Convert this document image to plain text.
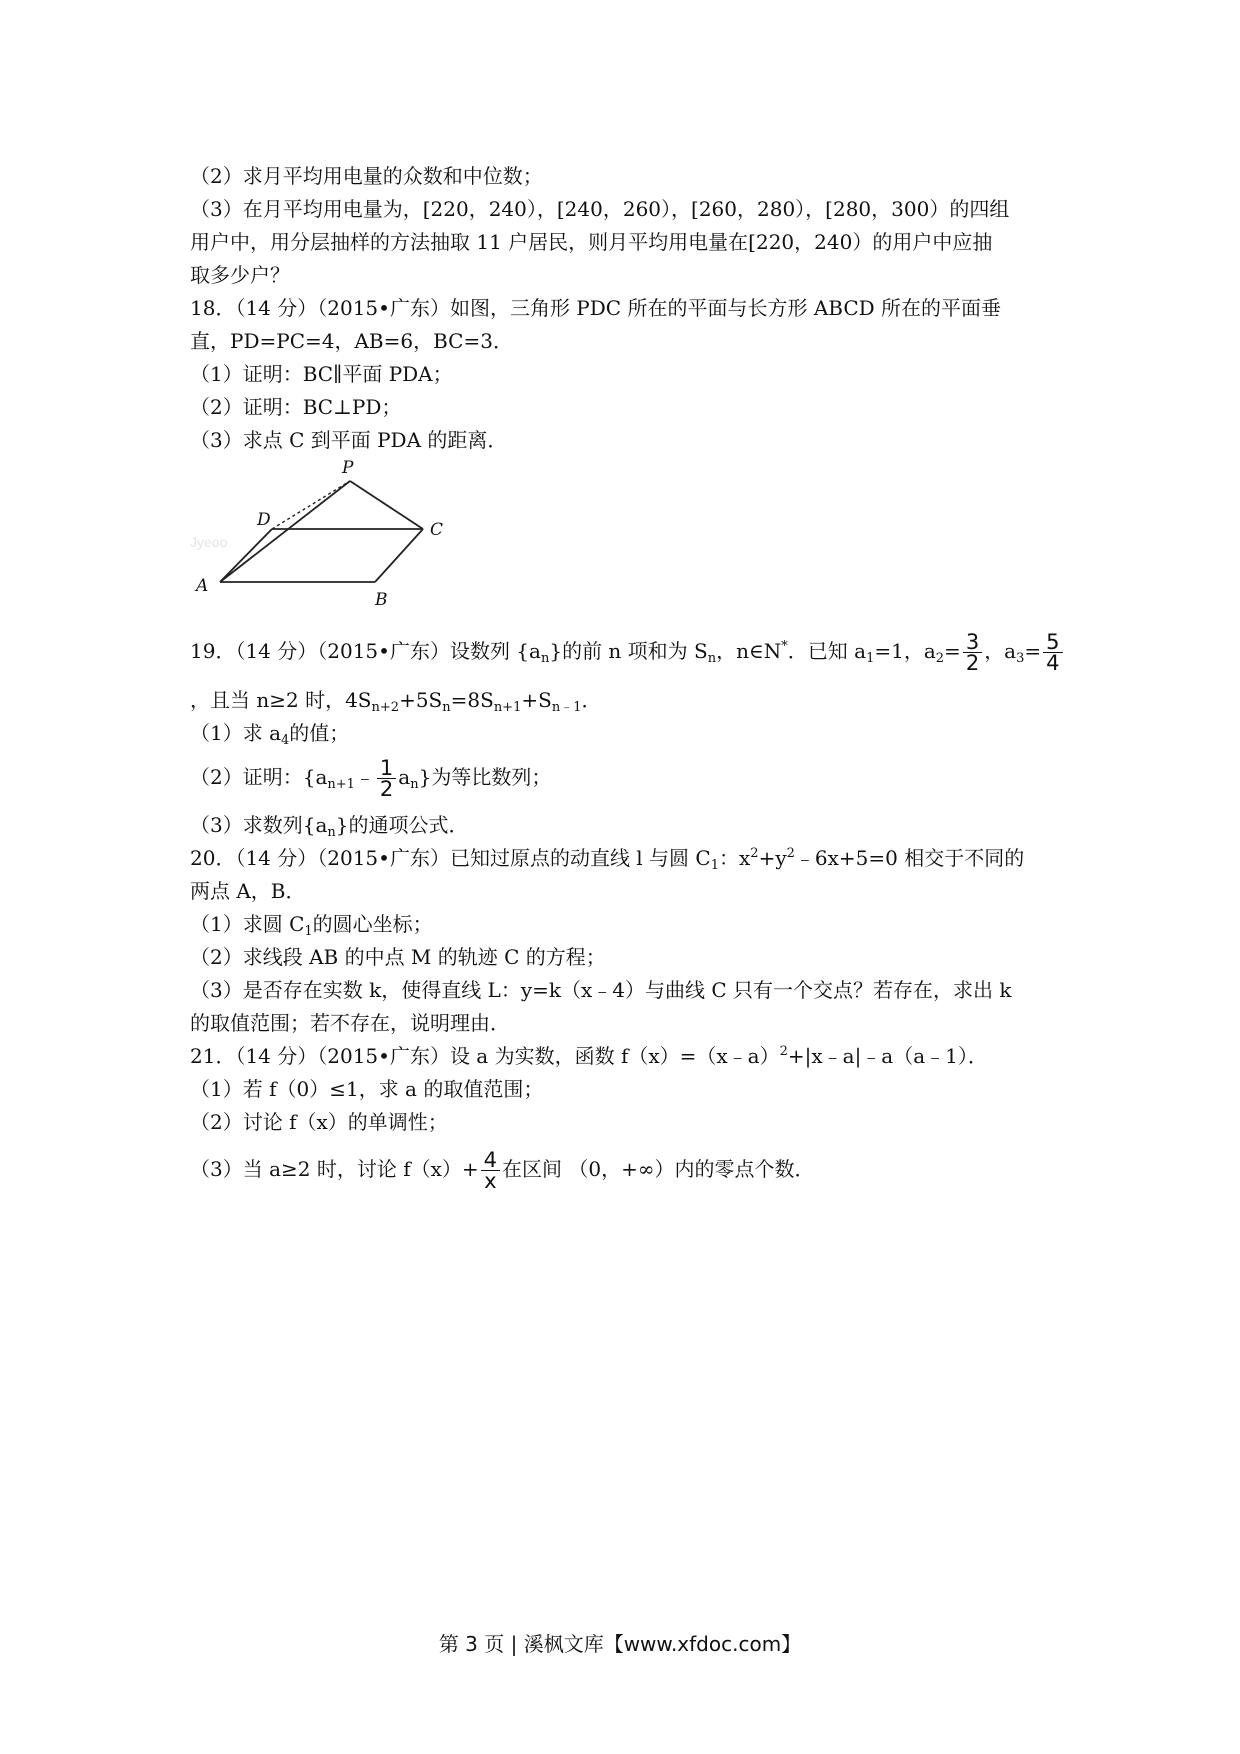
（2）求月平均用电量的众数和中位数；
（3）在月平均用电量为，[220，240），[240，260），[260，280），[280，300）的四组
用户中，用分层抽样的方法抽取 11 户居民，则月平均用电量在[220，240）的用户中应抽
取多少户？
18．（14 分）（2015•广东）如图，三角形 PDC 所在的平面与长方形 ABCD 所在的平面垂
直，PD=PC=4，AB=6，BC=3．
（1）证明：BC∥平面 PDA；
（2）证明：BC⊥PD；
（3）求点 C 到平面 PDA 的距离．
Jyeoo
P
D	C
A
B
19．（14 分）（2015•广东）设数列 $\{a_n\}$的前 n 项和为 $S_n$，n∈N*．已知 $a_1=1$，$a_2= \frac{3}{2}$ ，$a_3= \frac{5}{4}$
，且当 n≥2 时，$4S_{n+2}+5S_n=8S_{n+1}+S_{n﹣1}$．
（1）求 $a_4$的值；
（2）证明：$\{a_{n+1}﹣ \frac{1}{2} a_n\}$为等比数列；
（3）求数列$\{a_n\}$的通项公式．
20．（14 分）（2015•广东）已知过原点的动直线 l 与圆 $C_1$：$x^2+y^2﹣6x+5=0$ 相交于不同的
两点 A，B．
（1）求圆 $C_1$的圆心坐标；
（2）求线段 AB 的中点 M 的轨迹 C 的方程；
（3）是否存在实数 k，使得直线 L：y=k（x﹣4）与曲线 C 只有一个交点？若存在，求出 k
的取值范围；若不存在，说明理由．
21．（14 分）（2015•广东）设 a 为实数，函数 f（x）=（x﹣a）$^2$+|x﹣a|﹣a（a﹣1）．
（1）若 f（0）≤1，求 a 的取值范围；
（2）讨论 f（x）的单调性；
（3）当 a≥2 时，讨论 $f(x)+ \frac{4}{x}$ 在区间 （0，+∞）内的零点个数．
第 3 页 | 溪枫文库【www.xfdoc.com】
